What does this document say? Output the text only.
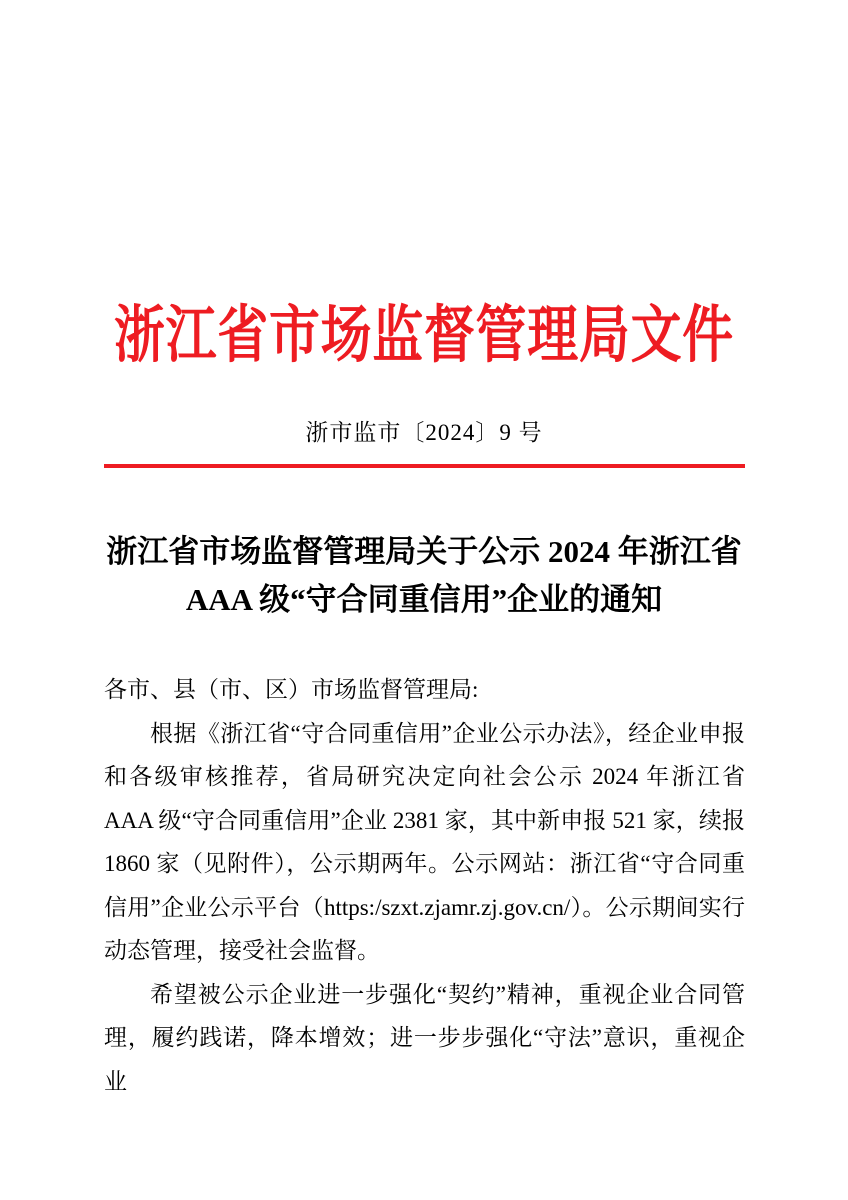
浙江省市场监督管理局文件
浙市监市〔2024〕9 号
浙江省市场监督管理局关于公示 2024 年浙江省
AAA 级“守合同重信用”企业的通知

各市、县（市、区）市场监督管理局:

根据《浙江省“守合同重信用”企业公示办法》，经企业申报和各级审核推荐，省局研究决定向社会公示 2024 年浙江省 AAA 级“守合同重信用”企业 2381 家，其中新申报 521 家，续报 1860 家（见附件），公示期两年。公示网站：浙江省“守合同重信用”企业公示平台（https:/szxt.zjamr.zj.gov.cn/）。公示期间实行动态管理，接受社会监督。

希望被公示企业进一步强化“契约”精神，重视企业合同管理，履约践诺，降本增效；进一步步强化“守法”意识，重视企业
